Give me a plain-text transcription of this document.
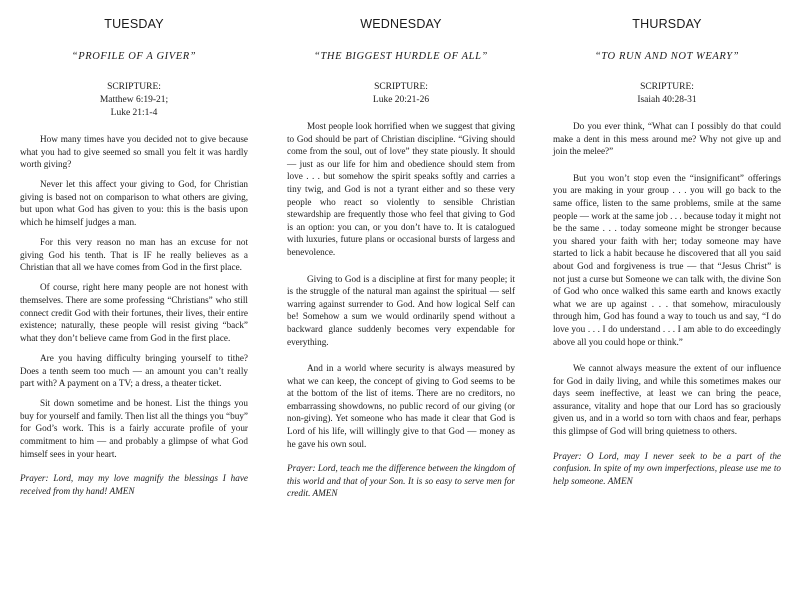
TUESDAY
“PROFILE OF A GIVER”
SCRIPTURE:
Matthew 6:19-21;
Luke 21:1-4

How many times have you decided not to give because what you had to give seemed so small you felt it was hardly worth giving?

Never let this affect your giving to God, for Christian giving is based not on comparison to what others are giving, but upon what God has given to you: this is the basis upon which he himself judges a man.

For this very reason no man has an excuse for not giving God his tenth. That is IF he really believes as a Christian that all we have comes from God in the first place.

Of course, right here many people are not honest with themselves. There are some professing “Christians” who still connect credit God with their fortunes, their lives, their entire existence; naturally, these people will resist giving “back” what they don’t believe came from God in the first place.

Are you having difficulty bringing yourself to tithe? Does a tenth seem too much — an amount you can’t really part with? A payment on a TV; a dress, a theater ticket.

Sit down sometime and be honest. List the things you buy for yourself and family. Then list all the things you “buy” for God’s work. This is a fairly accurate profile of your commitment to him — and probably a glimpse of what God himself sees in your heart.

Prayer: Lord, may my love magnify the blessings I have received from thy hand! AMEN

WEDNESDAY
“THE BIGGEST HURDLE OF ALL”
SCRIPTURE:
Luke 20:21-26

Most people look horrified when we suggest that giving to God should be part of Christian discipline. “Giving should come from the soul, out of love” they state piously. It should — just as our life for him and obedience should stem from love . . . but somehow the spirit speaks softly and carries a tiny twig, and God is not a tyrant either and so these very people who react so violently to sensible Christian stewardship are frequently those who feel that giving to God is an option: you can, or you don’t have to. It is catalogued with luxuries, future plans or occasional bursts of largess and benevolence.

Giving to God is a discipline at first for many people; it is the struggle of the natural man against the spiritual — self warring against surrender to God. And how logical Self can be! Somehow a sum we would ordinarily spend without a backward glance suddenly becomes very expendable for everything.

And in a world where security is always measured by what we can keep, the concept of giving to God seems to be at the bottom of the list of items. There are no creditors, no embarrassing showdowns, no public record of our giving (or non-giving). Yet someone who has made it clear that God is Lord of his life, will willingly give to that God — money as he gave his own soul.

Prayer: Lord, teach me the difference between the kingdom of this world and that of your Son. It is so easy to serve men for credit. AMEN

THURSDAY
“TO RUN AND NOT WEARY”
SCRIPTURE:
Isaiah 40:28-31

Do you ever think, “What can I possibly do that could make a dent in this mess around me? Why not give up and join the melee?”

But you won’t stop even the “insignificant” offerings you are making in your group . . . you will go back to the same office, listen to the same problems, smile at the same people — work at the same job . . . because today it might not be the same . . . today someone might be stronger because you shared your faith with her; today someone may have started to lick a habit because he discovered that all you said about God and forgiveness is true — that “Jesus Christ” is not just a curse but Someone we can talk with, the divine Son of God who once walked this same earth and knows exactly what we are up against . . . that somehow, miraculously through him, God has found a way to touch us and say, “I do love you . . . I do understand . . . I am able to do exceedingly above all you could hope or think.”

We cannot always measure the extent of our influence for God in daily living, and while this sometimes makes our days seem ineffective, at least we can bring the peace, assurance, vitality and hope that our Lord has so graciously given us, and in a world so torn with chaos and fear, perhaps this glimpse of God will bring quietness to others.

Prayer: O Lord, may I never seek to be a part of the confusion. In spite of my own imperfections, please use me to help someone. AMEN
